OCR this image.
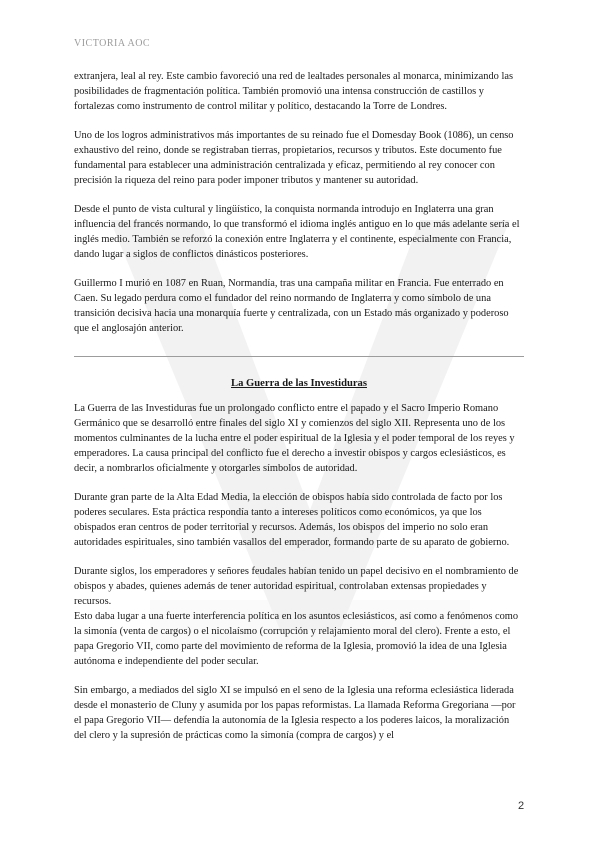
VICTORIA AOC

extranjera, leal al rey. Este cambio favoreció una red de lealtades personales al monarca, minimizando las posibilidades de fragmentación política. También promovió una intensa construcción de castillos y fortalezas como instrumento de control militar y político, destacando la Torre de Londres.

Uno de los logros administrativos más importantes de su reinado fue el Domesday Book (1086), un censo exhaustivo del reino, donde se registraban tierras, propietarios, recursos y tributos. Este documento fue fundamental para establecer una administración centralizada y eficaz, permitiendo al rey conocer con precisión la riqueza del reino para poder imponer tributos y mantener su autoridad.

Desde el punto de vista cultural y lingüístico, la conquista normanda introdujo en Inglaterra una gran influencia del francés normando, lo que transformó el idioma inglés antiguo en lo que más adelante sería el inglés medio. También se reforzó la conexión entre Inglaterra y el continente, especialmente con Francia, dando lugar a siglos de conflictos dinásticos posteriores.

Guillermo I murió en 1087 en Ruan, Normandía, tras una campaña militar en Francia. Fue enterrado en Caen. Su legado perdura como el fundador del reino normando de Inglaterra y como símbolo de una transición decisiva hacia una monarquía fuerte y centralizada, con un Estado más organizado y poderoso que el anglosajón anterior.

La Guerra de las Investiduras

La Guerra de las Investiduras fue un prolongado conflicto entre el papado y el Sacro Imperio Romano Germánico que se desarrolló entre finales del siglo XI y comienzos del siglo XII. Representa uno de los momentos culminantes de la lucha entre el poder espiritual de la Iglesia y el poder temporal de los reyes y emperadores. La causa principal del conflicto fue el derecho a investir obispos y cargos eclesiásticos, es decir, a nombrarlos oficialmente y otorgarles símbolos de autoridad.

Durante gran parte de la Alta Edad Media, la elección de obispos había sido controlada de facto por los poderes seculares. Esta práctica respondía tanto a intereses políticos como económicos, ya que los obispados eran centros de poder territorial y recursos. Además, los obispos del imperio no solo eran autoridades espirituales, sino también vasallos del emperador, formando parte de su aparato de gobierno.

Durante siglos, los emperadores y señores feudales habían tenido un papel decisivo en el nombramiento de obispos y abades, quienes además de tener autoridad espiritual, controlaban extensas propiedades y recursos.

Esto daba lugar a una fuerte interferencia política en los asuntos eclesiásticos, así como a fenómenos como la simonía (venta de cargos) o el nicolaísmo (corrupción y relajamiento moral del clero). Frente a esto, el papa Gregorio VII, como parte del movimiento de reforma de la Iglesia, promovió la idea de una Iglesia autónoma e independiente del poder secular.

Sin embargo, a mediados del siglo XI se impulsó en el seno de la Iglesia una reforma eclesiástica liderada desde el monasterio de Cluny y asumida por los papas reformistas. La llamada Reforma Gregoriana —por el papa Gregorio VII— defendía la autonomía de la Iglesia respecto a los poderes laicos, la moralización del clero y la supresión de prácticas como la simonía (compra de cargos) y el

2
